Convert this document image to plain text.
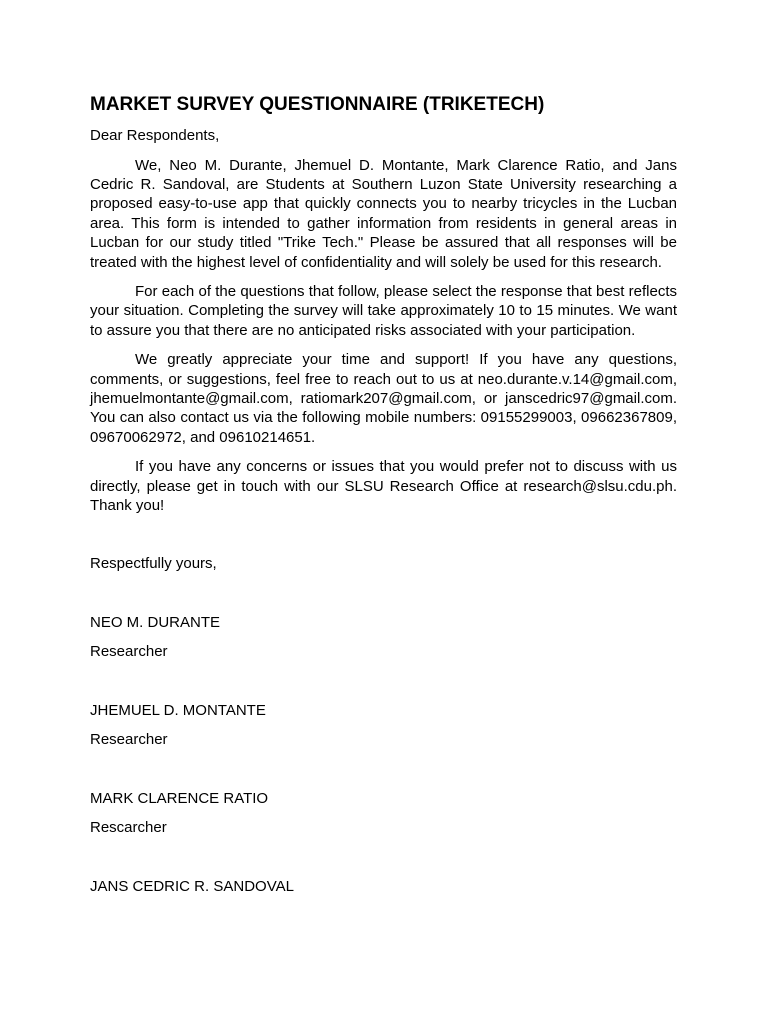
MARKET SURVEY QUESTIONNAIRE (TRIKETECH)
Dear Respondents,

We, Neo M. Durante, Jhemuel D. Montante, Mark Clarence Ratio, and Jans Cedric R. Sandoval, are Students at Southern Luzon State University researching a proposed easy-to-use app that quickly connects you to nearby tricycles in the Lucban area. This form is intended to gather information from residents in general areas in Lucban for our study titled "Trike Tech." Please be assured that all responses will be treated with the highest level of confidentiality and will solely be used for this research.

For each of the questions that follow, please select the response that best reflects your situation. Completing the survey will take approximately 10 to 15 minutes. We want to assure you that there are no anticipated risks associated with your participation.

We greatly appreciate your time and support! If you have any questions, comments, or suggestions, feel free to reach out to us at neo.durante.v.14@gmail.com, jhemuelmontante@gmail.com, ratiomark207@gmail.com, or janscedric97@gmail.com. You can also contact us via the following mobile numbers: 09155299003, 09662367809, 09670062972, and 09610214651.

If you have any concerns or issues that you would prefer not to discuss with us directly, please get in touch with our SLSU Research Office at research@slsu.cdu.ph. Thank you!

Respectfully yours,

NEO M. DURANTE

Researcher

JHEMUEL D. MONTANTE

Researcher

MARK CLARENCE RATIO

Rescarcher

JANS CEDRIC R. SANDOVAL
